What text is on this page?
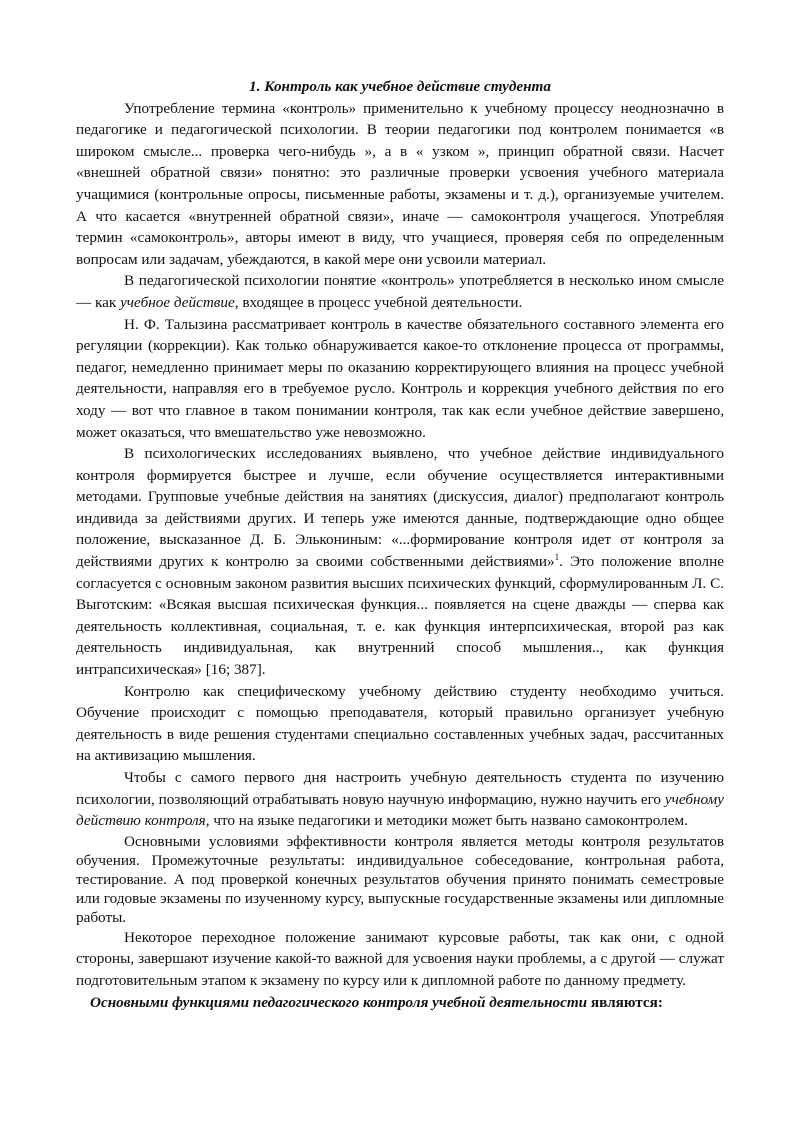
1. Контроль как учебное действие студента

Употребление термина «контроль» применительно к учебному процессу неоднозначно в педагогике и педагогической психологии. В теории педагогики под контролем понимается «в широком смысле... проверка чего-нибудь », а в « узком », принцип обратной связи. Насчет «внешней обратной связи» понятно: это различные проверки усвоения учебного материала учащимися (контрольные опросы, письменные работы, экзамены и т. д.), организуемые учителем. А что касается «внутренней обратной связи», иначе — самоконтроля учащегося. Употребляя термин «самоконтроль», авторы имеют в виду, что учащиеся, проверяя себя по определенным вопросам или задачам, убеждаются, в какой мере они усвоили материал.

В педагогической психологии понятие «контроль» употребляется в несколько ином смысле — как учебное действие, входящее в процесс учебной деятельности.

Н. Ф. Талызина рассматривает контроль в качестве обязательного составного элемента его регуляции (коррекции). Как только обнаруживается какое-то отклонение процесса от программы, педагог, немедленно принимает меры по оказанию корректирующего влияния на процесс учебной деятельности, направляя его в требуемое русло. Контроль и коррекция учебного действия по его ходу — вот что главное в таком понимании контроля, так как если учебное действие завершено, может оказаться, что вмешательство уже невозможно.

В психологических исследованиях выявлено, что учебное действие индивидуального контроля формируется быстрее и лучше, если обучение осуществляется интерактивными методами. Групповые учебные действия на занятиях (дискуссия, диалог) предполагают контроль индивида за действиями других. И теперь уже имеются данные, подтверждающие одно общее положение, высказанное Д. Б. Элькониным: «...формирование контроля идет от контроля за действиями других к контролю за своими собственными действиями»$^1$. Это положение вполне согласуется с основным законом развития высших психических функций, сформулированным Л. С. Выготским: «Всякая высшая психическая функция... появляется на сцене дважды — сперва как деятельность коллективная, социальная, т. е. как функция интерпсихическая, второй раз как деятельность индивидуальная, как внутренний способ мышления.., как функция интрапсихическая» [16; 387].

Контролю как специфическому учебному действию студенту необходимо учиться. Обучение происходит с помощью преподавателя, который правильно организует учебную деятельность в виде решения студентами специально составленных учебных задач, рассчитанных на активизацию мышления.

Чтобы с самого первого дня настроить учебную деятельность студента по изучению психологии, позволяющий отрабатывать новую научную информацию, нужно научить его учебному действию контроля, что на языке педагогики и методики может быть названо самоконтролем.

Основными условиями эффективности контроля является методы контроля результатов обучения. Промежуточные результаты: индивидуальное собеседование, контрольная работа, тестирование. А под проверкой конечных результатов обучения принято понимать семестровые или годовые экзамены по изученному курсу, выпускные государственные экзамены или дипломные работы.

Некоторое переходное положение занимают курсовые работы, так как они, с одной стороны, завершают изучение какой-то важной для усвоения науки проблемы, а с другой — служат подготовительным этапом к экзамену по курсу или к дипломной работе по данному предмету.

Основными функциями педагогического контроля учебной деятельности являются:
